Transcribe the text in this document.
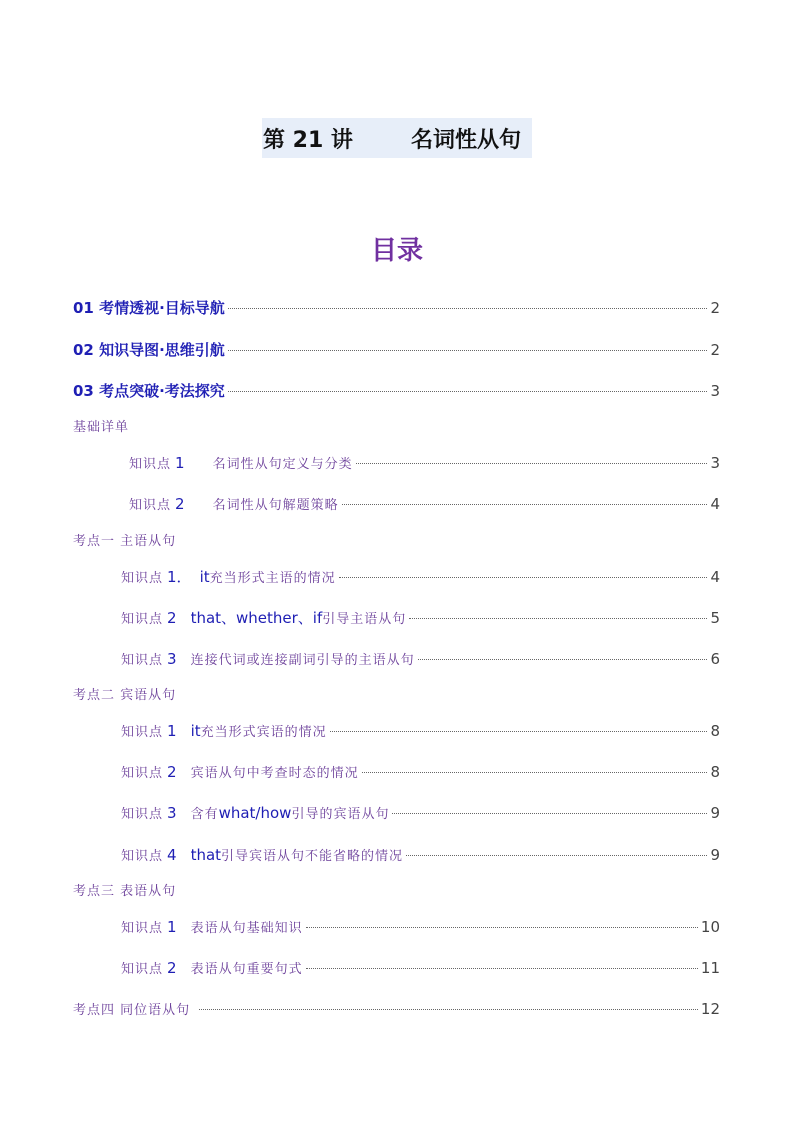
第 21 讲	名词性从句
目录
01 考情透视·目标导航	2
02 知识导图·思维引航	2
03 考点突破·考法探究	3
基础详单
知识点 1 名词性从句定义与分类	3
知识点 2 名词性从句解题策略	4
考点一 主语从句
知识点 1． it 充当形式主语的情况	4
知识点 2 that、whether、if 引导主语从句	5
知识点 3 连接代词或连接副词引导的主语从句	6
考点二 宾语从句
知识点 1 it 充当形式宾语的情况	8
知识点 2 宾语从句中考查时态的情况	8
知识点 3 含有 what/how 引导的宾语从句	9
知识点 4 that 引导宾语从句不能省略的情况	9
考点三 表语从句
知识点 1 表语从句基础知识	10
知识点 2 表语从句重要句式	11
考点四 同位语从句	12
